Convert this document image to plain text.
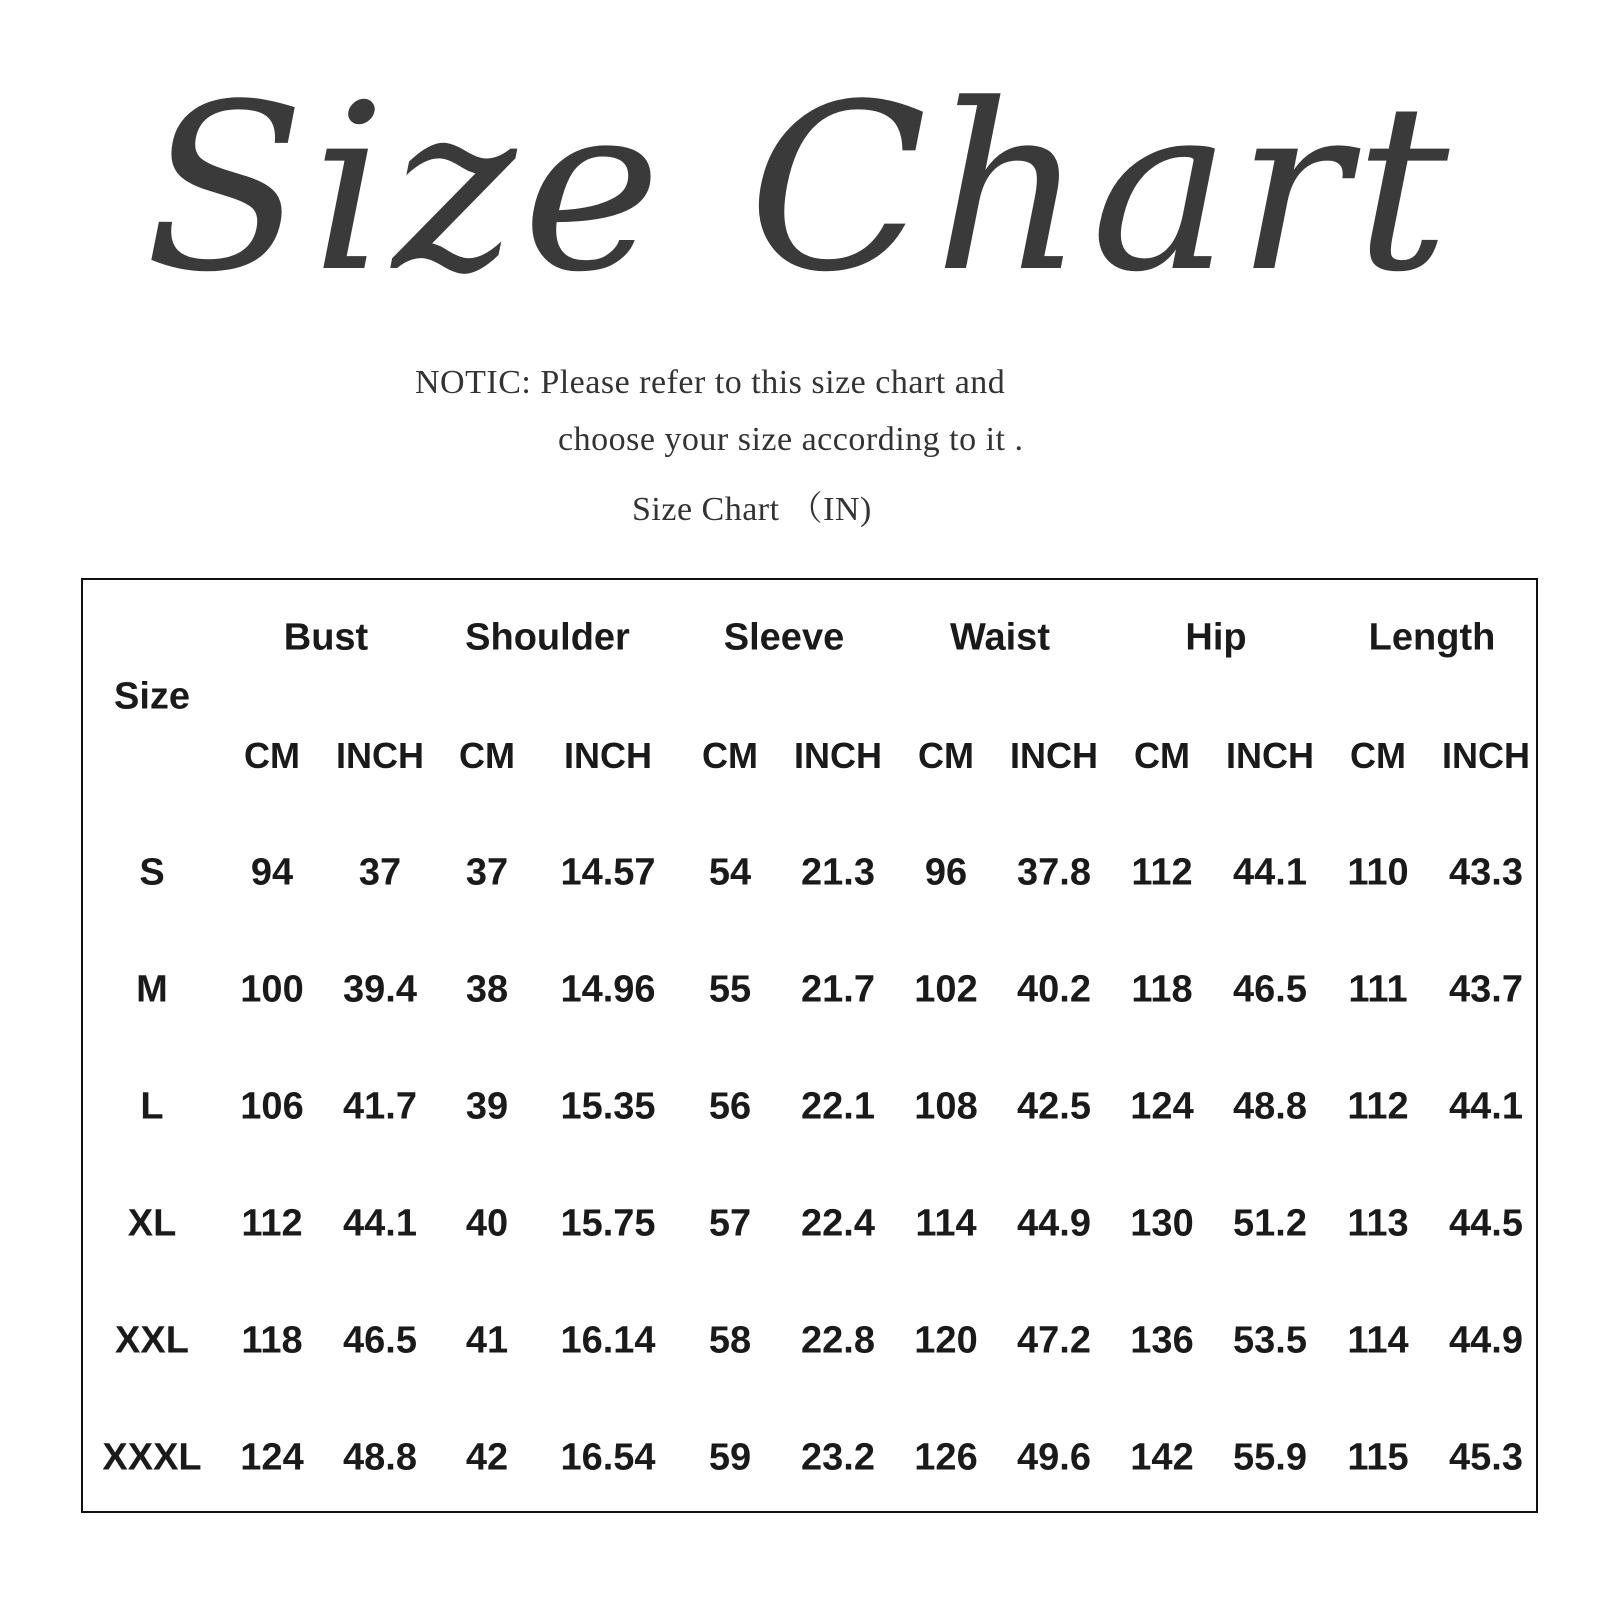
Size Chart
NOTIC: Please refer to this size chart and
choose your size according to it .
Size Chart （IN)
Size
Bust	Shoulder Sleeve	Waist	Hip	Length
CM INCH CM INCH CM INCH CM INCH CM INCH CM INCH
S 94 37 37 14.57 54 21.3 96 37.8 112 44.1 110 43.3
M 100 39.4 38 14.96 55 21.7 102 40.2 118 46.5 111 43.7
L 106 41.7 39 15.35 56 22.1 108 42.5 124 48.8 112 44.1
XL 112 44.1 40 15.75 57 22.4 114 44.9 130 51.2 113 44.5
XXL 118 46.5 41 16.14 58 22.8 120 47.2 136 53.5 114 44.9
XXXL 124 48.8 42 16.54 59 23.2 126 49.6 142 55.9 115 45.3
